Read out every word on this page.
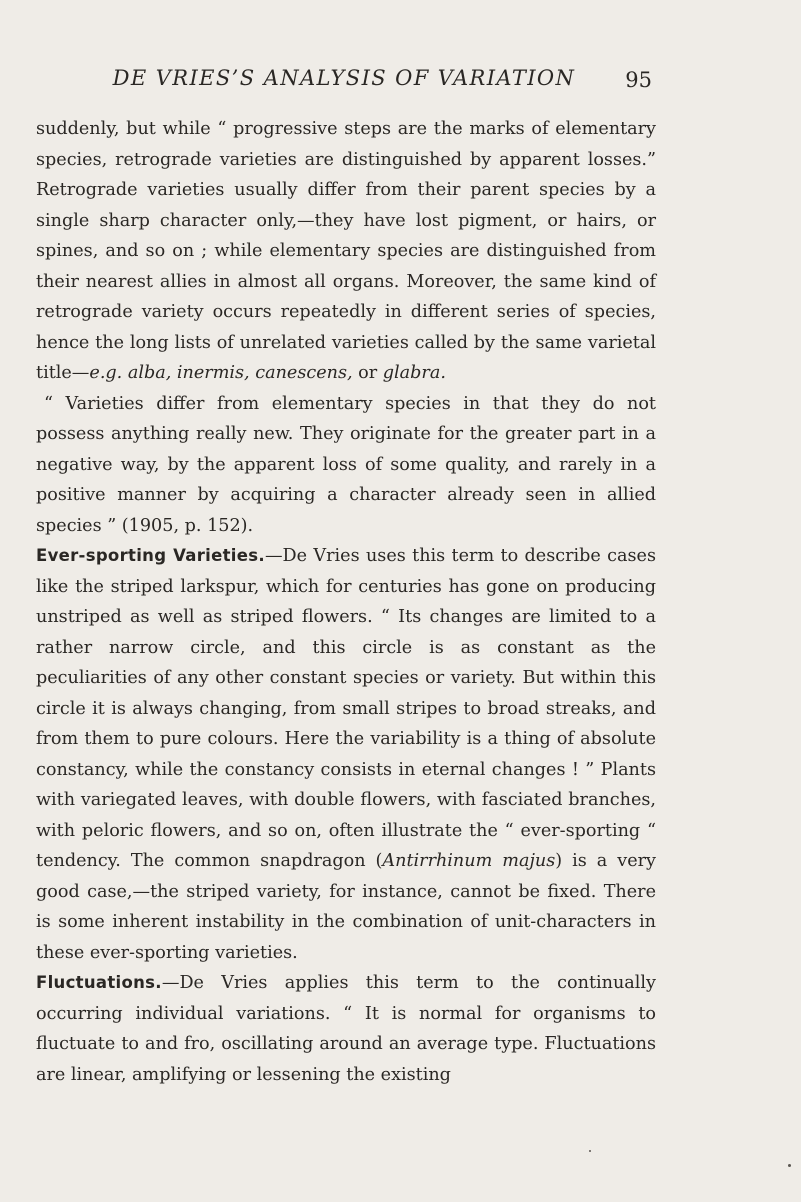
DE VRIES’S ANALYSIS OF VARIATION	95

suddenly, but while “ progressive steps are the marks of elementary species, retrograde varieties are distinguished by apparent losses.” Retrograde varieties usually differ from their parent species by a single sharp character only,—they have lost pigment, or hairs, or spines, and so on ; while elementary species are distinguished from their nearest allies in almost all organs. Moreover, the same kind of retrograde variety occurs repeatedly in different series of species, hence the long lists of unrelated varieties called by the same varietal title—e.g. alba, inermis, canescens, or glabra.

“ Varieties differ from elementary species in that they do not possess anything really new. They originate for the greater part in a negative way, by the apparent loss of some quality, and rarely in a positive manner by acquiring a character already seen in allied species ” (1905, p. 152).

Ever-sporting Varieties.—De Vries uses this term to describe cases like the striped larkspur, which for centuries has gone on producing unstriped as well as striped flowers. “ Its changes are limited to a rather narrow circle, and this circle is as constant as the peculiarities of any other constant species or variety. But within this circle it is always changing, from small stripes to broad streaks, and from them to pure colours. Here the variability is a thing of absolute constancy, while the constancy consists in eternal changes ! ” Plants with variegated leaves, with double flowers, with fasciated branches, with peloric flowers, and so on, often illustrate the “ ever-sporting “ tendency. The common snapdragon (Antirrhinum majus) is a very good case,—the striped variety, for instance, cannot be fixed. There is some inherent instability in the combination of unit-characters in these ever-sporting varieties.

Fluctuations.—De Vries applies this term to the continually occurring individual variations. “ It is normal for organisms to fluctuate to and fro, oscillating around an average type. Fluctuations are linear, amplifying or lessening the existing
